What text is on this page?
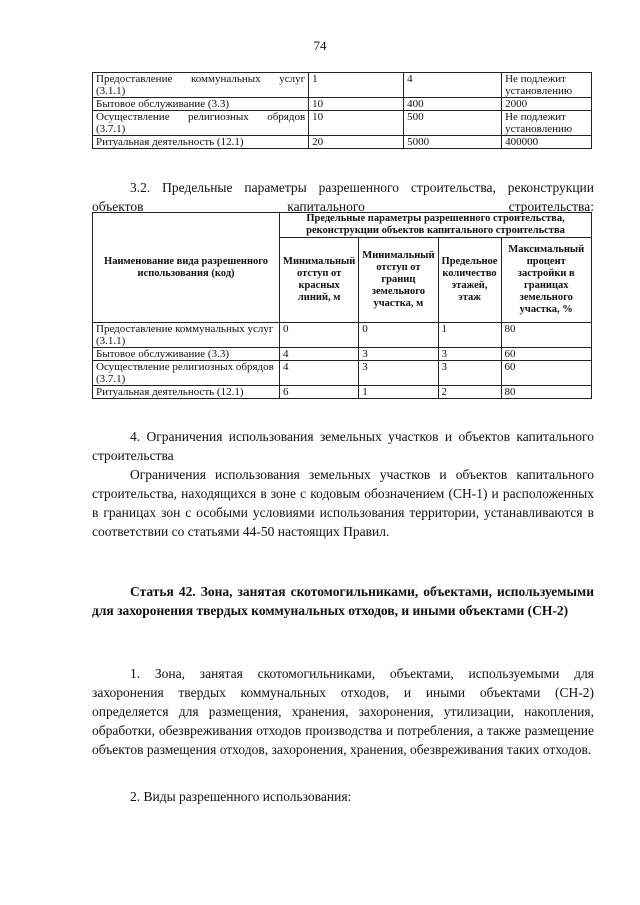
74
Предоставление коммунальных услуг (3.1.1)	1	4	Не подлежит установлению
Бытовое обслуживание (3.3)	10	400	2000
Осуществление религиозных обрядов (3.7.1)	10	500	Не подлежит установлению
Ритуальная деятельность (12.1)	20	5000	400000
3.2. Предельные параметры разрешенного строительства, реконструкции объектов капитального строительства:
Наименование вида разрешенного использования (код)	Предельные параметры разрешенного строительства, реконструкции объектов капитального строительства			
	Минимальный отступ от красных линий, м	Минимальный отступ от границ земельного участка, м	Предельное количество этажей, этаж	Максимальный процент застройки в границах земельного участка, %
Предоставление коммунальных услуг (3.1.1)	0	0	1	80
Бытовое обслуживание (3.3)	4	3	3	60
Осуществление религиозных обрядов (3.7.1)	4	3	3	60
Ритуальная деятельность (12.1)	6	1	2	80
4. Ограничения использования земельных участков и объектов капитального строительства
Ограничения использования земельных участков и объектов капитального строительства, находящихся в зоне с кодовым обозначением (СН-1) и расположенных в границах зон с особыми условиями использования территории, устанавливаются в соответствии со статьями 44-50 настоящих Правил.
Статья 42. Зона, занятая скотомогильниками, объектами, используемыми для захоронения твердых коммунальных отходов, и иными объектами (СН-2)
1. Зона, занятая скотомогильниками, объектами, используемыми для захоронения твердых коммунальных отходов, и иными объектами (СН-2) определяется для размещения, хранения, захоронения, утилизации, накопления, обработки, обезвреживания отходов производства и потребления, а также размещение объектов размещения отходов, захоронения, хранения, обезвреживания таких отходов.
2. Виды разрешенного использования:
